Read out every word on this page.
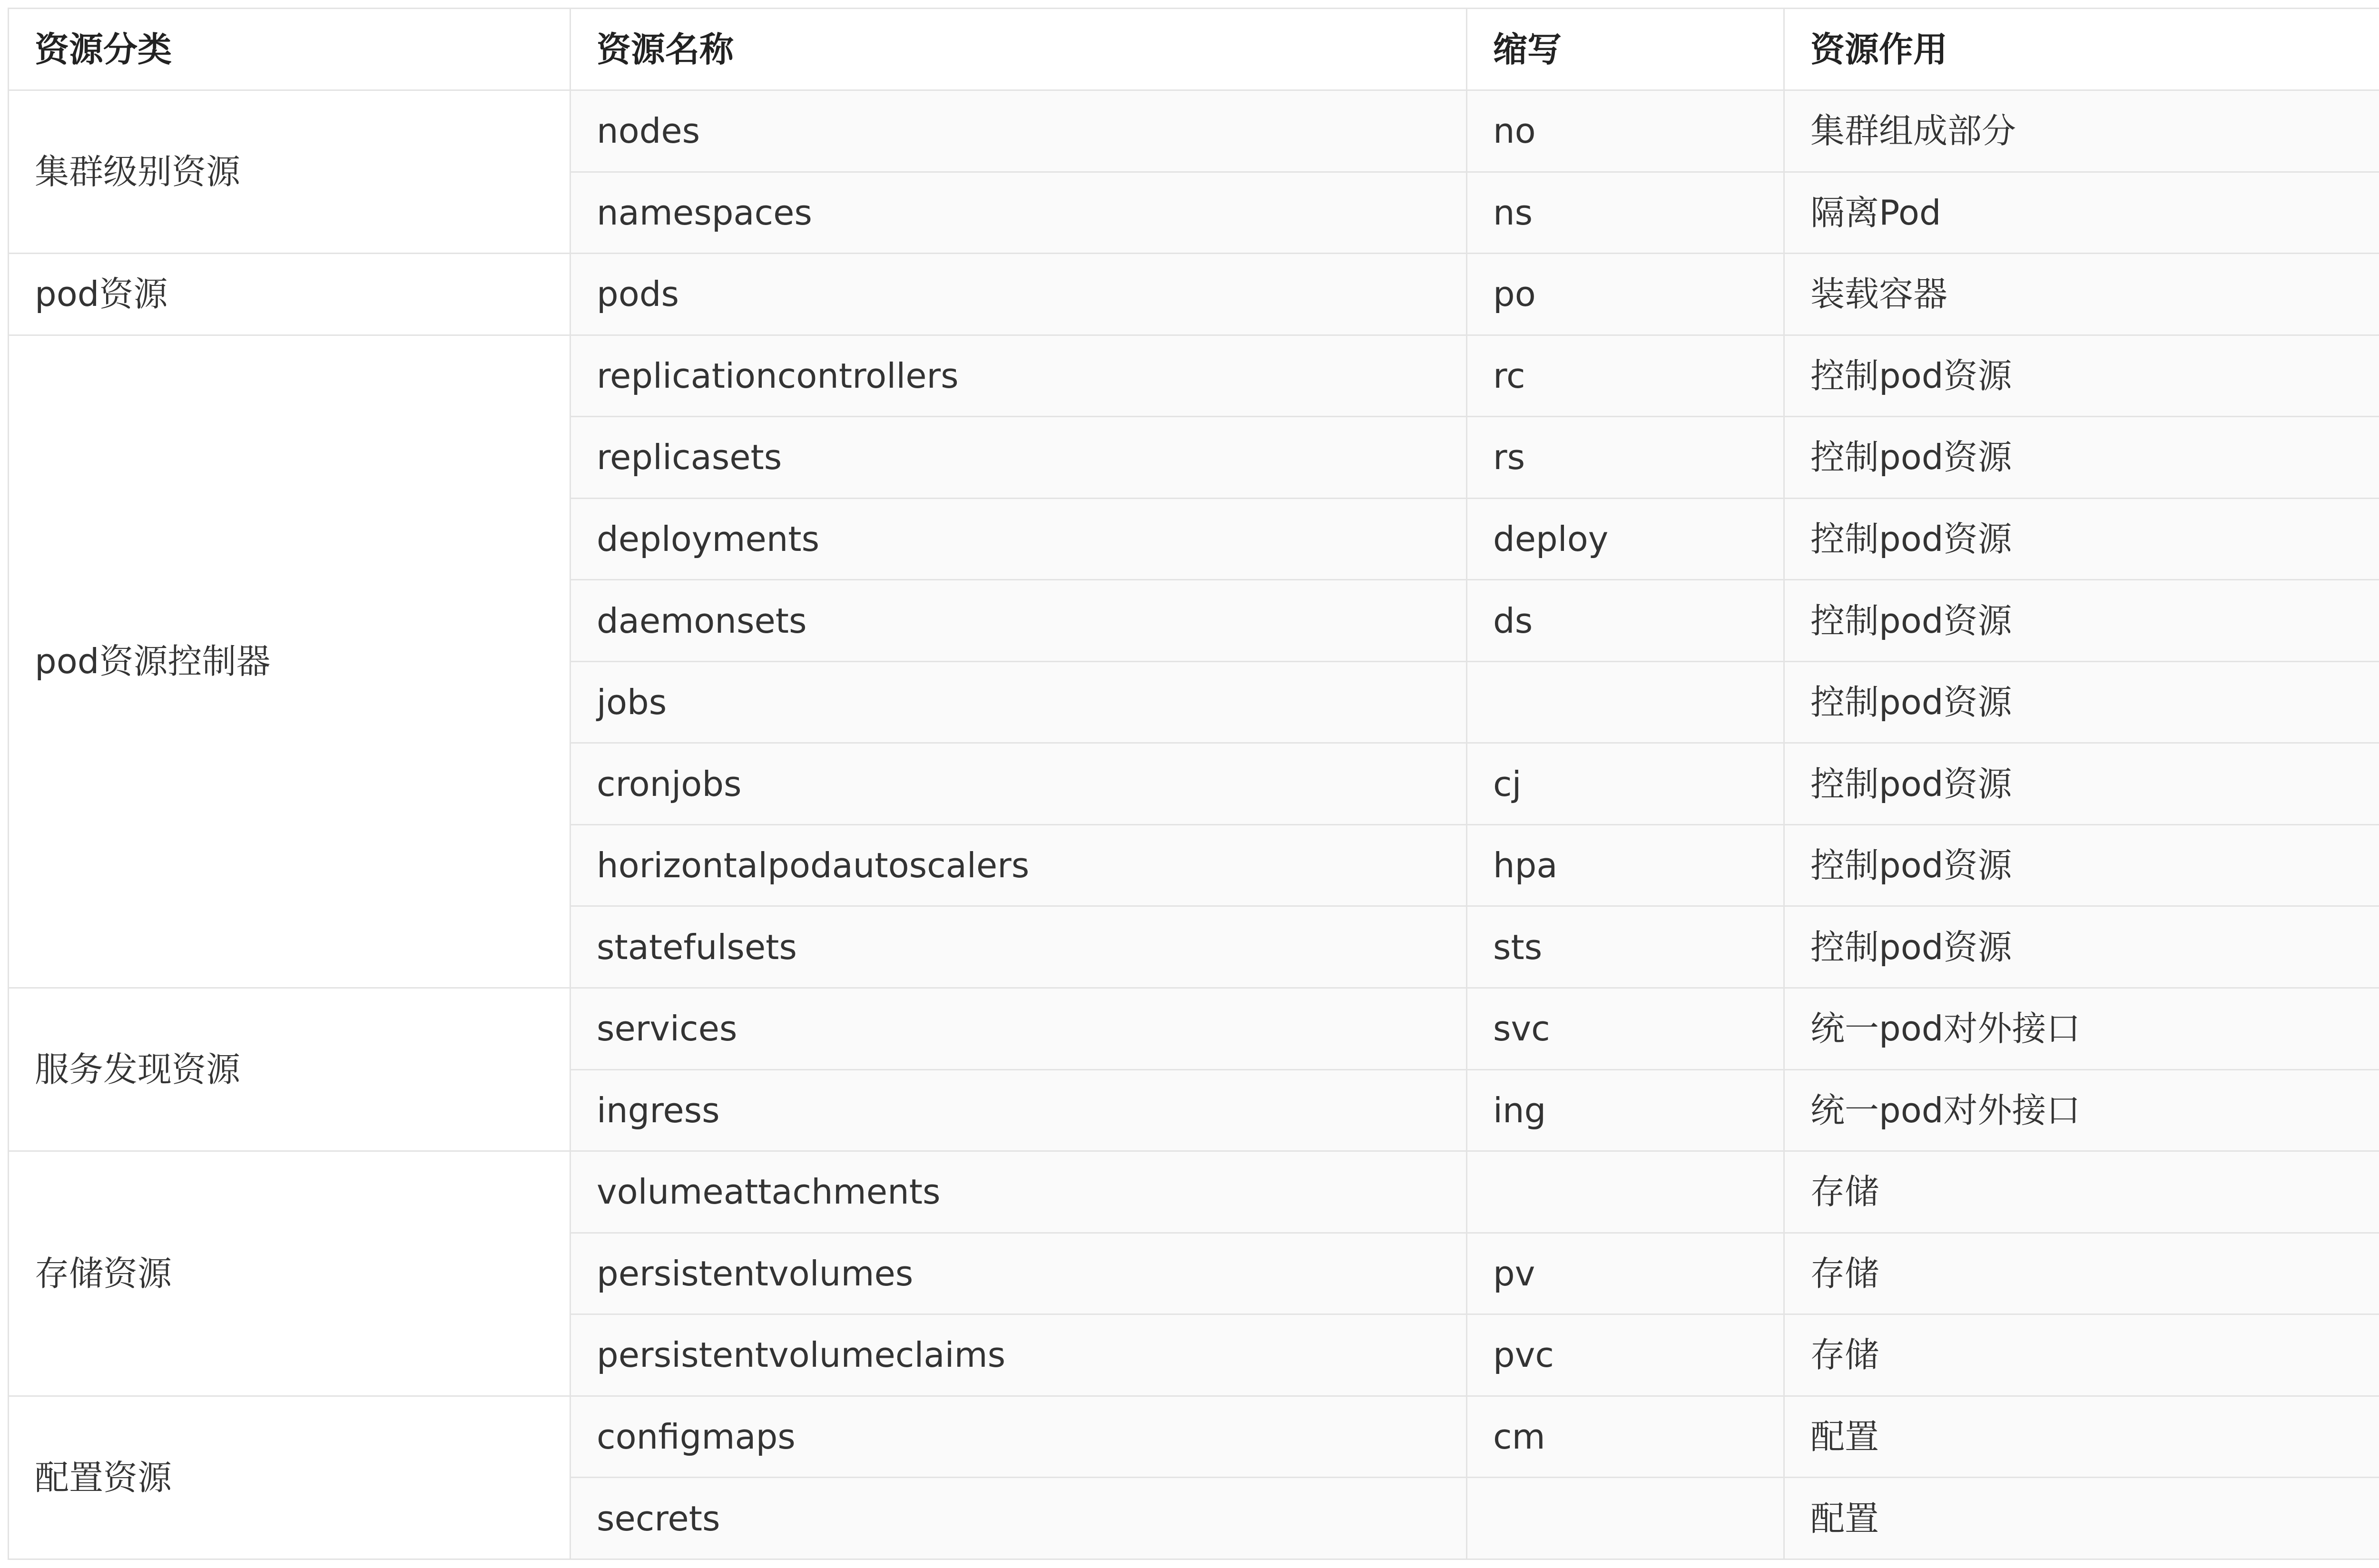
资源分类	资源名称	缩写	资源作用
集群级别资源	nodes	no	集群组成部分
	namespaces	ns	隔离Pod
pod资源	pods	po	装载容器
pod资源控制器	replicationcontrollers	rc	控制pod资源
	replicasets	rs	控制pod资源
	deployments	deploy	控制pod资源
	daemonsets	ds	控制pod资源
	jobs		控制pod资源
	cronjobs	cj	控制pod资源
	horizontalpodautoscalers	hpa	控制pod资源
	statefulsets	sts	控制pod资源
服务发现资源	services	svc	统一pod对外接口
	ingress	ing	统一pod对外接口
存储资源	volumeattachments		存储
	persistentvolumes	pv	存储
	persistentvolumeclaims	pvc	存储
配置资源	configmaps	cm	配置
	secrets		配置
